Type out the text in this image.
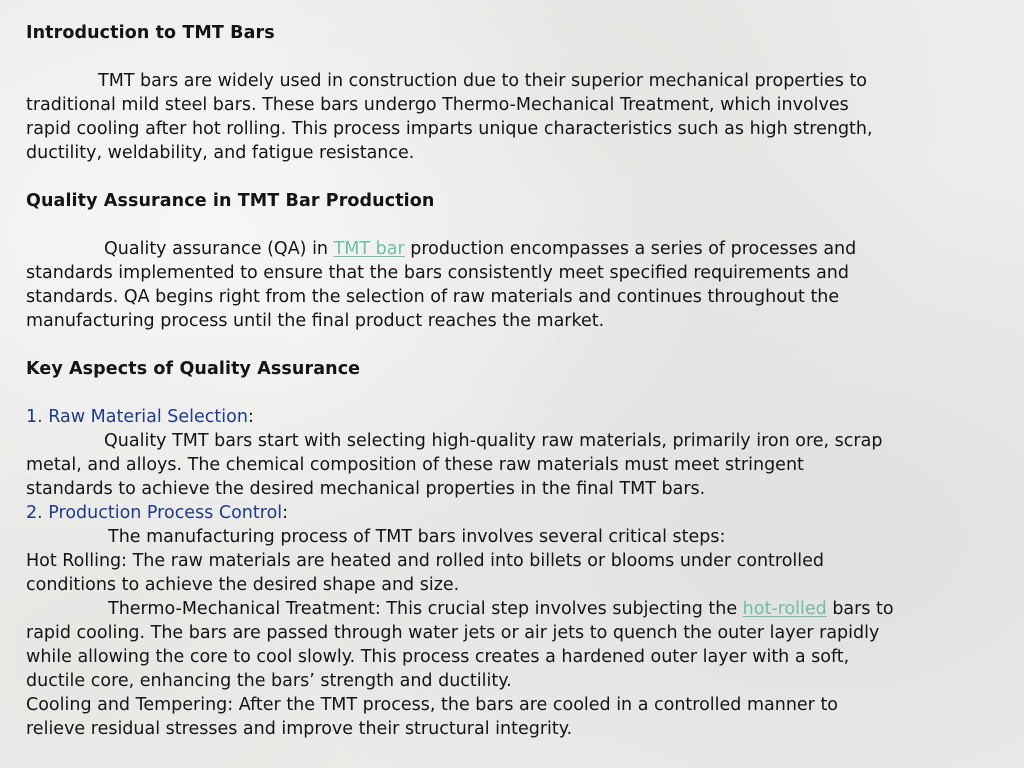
Introduction to TMT Bars

TMT bars are widely used in construction due to their superior mechanical properties to
traditional mild steel bars. These bars undergo Thermo-Mechanical Treatment, which involves
rapid cooling after hot rolling. This process imparts unique characteristics such as high strength,
ductility, weldability, and fatigue resistance.

Quality Assurance in TMT Bar Production

Quality assurance (QA) in TMT bar production encompasses a series of processes and
standards implemented to ensure that the bars consistently meet specified requirements and
standards. QA begins right from the selection of raw materials and continues throughout the
manufacturing process until the final product reaches the market.

Key Aspects of Quality Assurance
1. Raw Material Selection:

Quality TMT bars start with selecting high-quality raw materials, primarily iron ore, scrap
metal, and alloys. The chemical composition of these raw materials must meet stringent
standards to achieve the desired mechanical properties in the final TMT bars.

2. Production Process Control:

The manufacturing process of TMT bars involves several critical steps:
Hot Rolling: The raw materials are heated and rolled into billets or blooms under controlled
conditions to achieve the desired shape and size.
Thermo-Mechanical Treatment: This crucial step involves subjecting the hot-rolled bars to
rapid cooling. The bars are passed through water jets or air jets to quench the outer layer rapidly
while allowing the core to cool slowly. This process creates a hardened outer layer with a soft,
ductile core, enhancing the bars’ strength and ductility.
Cooling and Tempering: After the TMT process, the bars are cooled in a controlled manner to
relieve residual stresses and improve their structural integrity.
